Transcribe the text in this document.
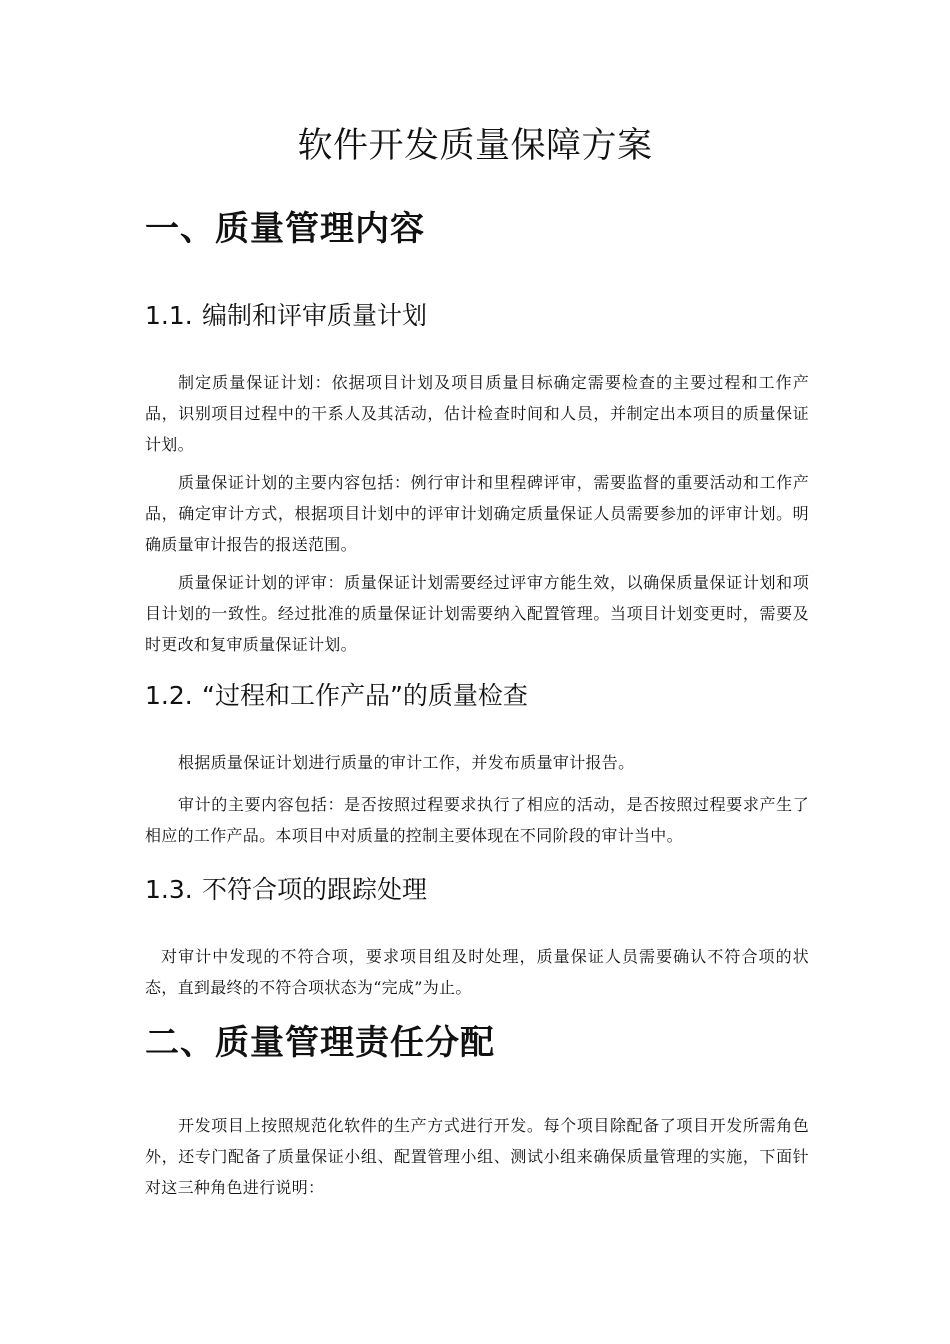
软件开发质量保障方案
一、质量管理内容
1.1. 编制和评审质量计划

制定质量保证计划：依据项目计划及项目质量目标确定需要检查的主要过程和工作产品，识别项目过程中的干系人及其活动，估计检查时间和人员，并制定出本项目的质量保证计划。

质量保证计划的主要内容包括：例行审计和里程碑评审，需要监督的重要活动和工作产品，确定审计方式，根据项目计划中的评审计划确定质量保证人员需要参加的评审计划。明确质量审计报告的报送范围。

质量保证计划的评审：质量保证计划需要经过评审方能生效，以确保质量保证计划和项目计划的一致性。经过批准的质量保证计划需要纳入配置管理。当项目计划变更时，需要及时更改和复审质量保证计划。

1.2. “过程和工作产品”的质量检查

根据质量保证计划进行质量的审计工作，并发布质量审计报告。

审计的主要内容包括：是否按照过程要求执行了相应的活动，是否按照过程要求产生了相应的工作产品。本项目中对质量的控制主要体现在不同阶段的审计当中。

1.3. 不符合项的跟踪处理

对审计中发现的不符合项，要求项目组及时处理，质量保证人员需要确认不符合项的状态，直到最终的不符合项状态为“完成”为止。

二、质量管理责任分配

开发项目上按照规范化软件的生产方式进行开发。每个项目除配备了项目开发所需角色外，还专门配备了质量保证小组、配置管理小组、测试小组来确保质量管理的实施，下面针对这三种角色进行说明：
